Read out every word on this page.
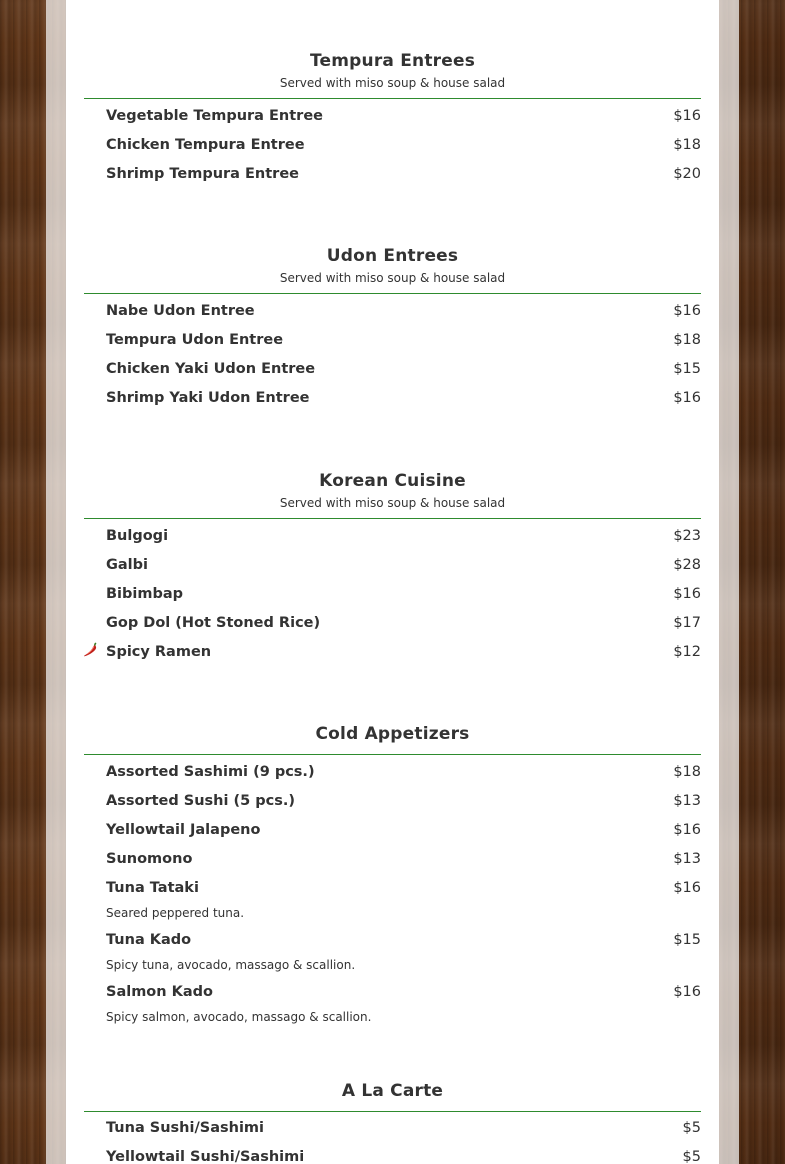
Tempura Entrees
Served with miso soup & house salad
Vegetable Tempura Entree	$16
Chicken Tempura Entree	$18
Shrimp Tempura Entree	$20
Udon Entrees
Served with miso soup & house salad
Nabe Udon Entree	$16
Tempura Udon Entree	$18
Chicken Yaki Udon Entree	$15
Shrimp Yaki Udon Entree	$16
Korean Cuisine
Served with miso soup & house salad
Bulgogi	$23
Galbi	$28
Bibimbap	$16
Gop Dol (Hot Stoned Rice)	$17
Spicy Ramen	$12
Cold Appetizers
Assorted Sashimi (9 pcs.)	$18
Assorted Sushi (5 pcs.)	$13
Yellowtail Jalapeno	$16
Sunomono	$13
Tuna Tataki	$16
Seared peppered tuna.
Tuna Kado	$15
Spicy tuna, avocado, massago & scallion.
Salmon Kado	$16
Spicy salmon, avocado, massago & scallion.
A La Carte
Tuna Sushi/Sashimi	$5
Yellowtail Sushi/Sashimi	$5
